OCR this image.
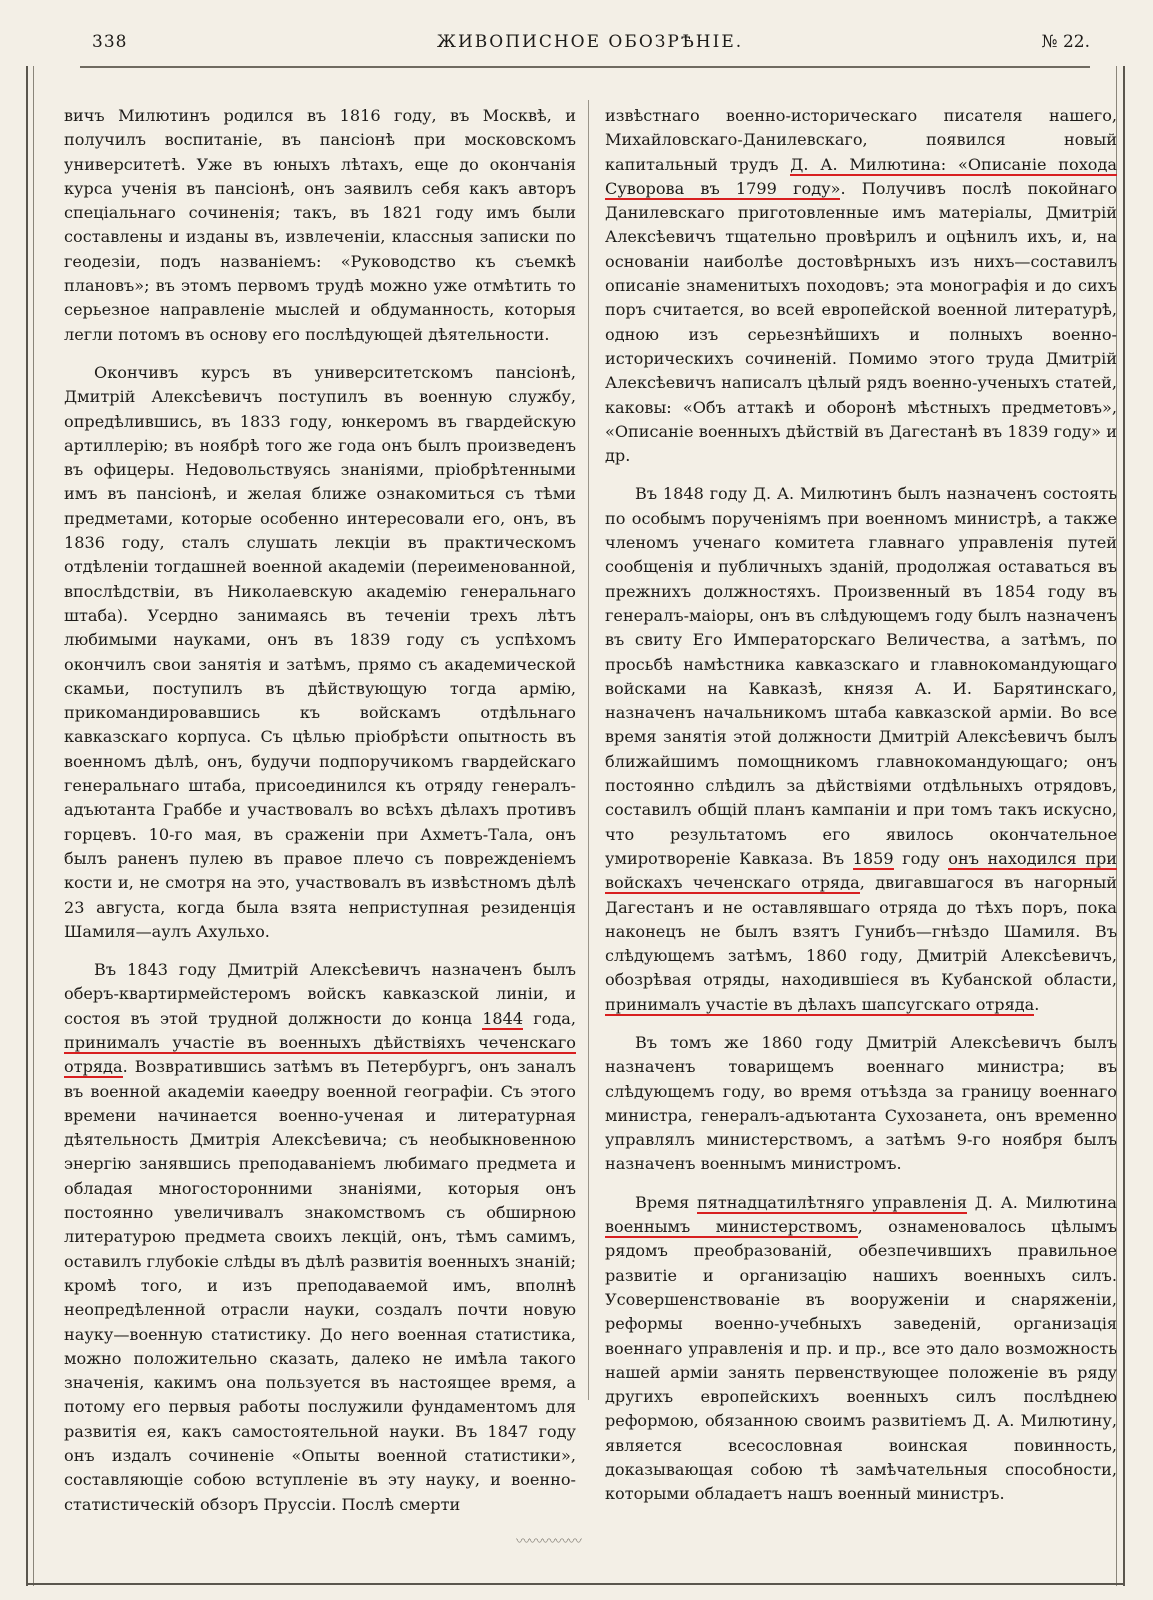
338	ЖИВОПИСНОЕ ОБОЗРѢНІЕ.	№ 22.

вичъ Милютинъ родился въ 1816 году, въ Москвѣ, и получилъ воспитаніе, въ пансіонѣ при московскомъ университетѣ. Уже въ юныхъ лѣтахъ, еще до окончанія курса ученія въ пансіонѣ, онъ заявилъ себя какъ авторъ спеціальнаго сочиненія; такъ, въ 1821 году имъ были составлены и изданы въ, извлеченіи, классныя записки по геодезіи, подъ названіемъ: «Руководство къ съемкѣ плановъ»; въ этомъ первомъ трудѣ можно уже отмѣтить то серьезное направленіе мыслей и обдуманность, которыя легли потомъ въ основу его послѣдующей дѣятельности.

Окончивъ курсъ въ университетскомъ пансіонѣ, Дмитрій Алексѣевичъ поступилъ въ военную службу, опредѣлившись, въ 1833 году, юнкеромъ въ гвардейскую артиллерію; въ ноябрѣ того же года онъ былъ произведенъ въ офицеры. Недовольствуясь знаніями, пріобрѣтенными имъ въ пансіонѣ, и желая ближе ознакомиться съ тѣми предметами, которые особенно интересовали его, онъ, въ 1836 году, сталъ слушать лекціи въ практическомъ отдѣленіи тогдашней военной академіи (переименованной, впослѣдствіи, въ Николаевскую академію генеральнаго штаба). Усердно занимаясь въ теченіи трехъ лѣтъ любимыми науками, онъ въ 1839 году съ успѣхомъ окончилъ свои занятія и затѣмъ, прямо съ академической скамьи, поступилъ въ дѣйствующую тогда армію, прикомандировавшись къ войскамъ отдѣльнаго кавказскаго корпуса. Съ цѣлью пріобрѣсти опытность въ военномъ дѣлѣ, онъ, будучи подпоручикомъ гвардейскаго генеральнаго штаба, присоединился къ отряду генералъ-адъютанта Граббе и участвовалъ во всѣхъ дѣлахъ противъ горцевъ. 10-го мая, въ сраженіи при Ахметъ-Тала, онъ былъ раненъ пулею въ правое плечо съ поврежденіемъ кости и, не смотря на это, участвовалъ въ извѣстномъ дѣлѣ 23 августа, когда была взята неприступная резиденція Шамиля—аулъ Ахульхо.

Въ 1843 году Дмитрій Алексѣевичъ назначенъ былъ оберъ-квартирмейстеромъ войскъ кавказской линіи, и состоя въ этой трудной должности до конца 1844 года, принималъ участіе въ военныхъ дѣйствіяхъ чеченскаго отряда. Возвратившись затѣмъ въ Петербургъ, онъ заналъ въ военной академіи каѳедру военной географіи. Съ этого времени начинается военно-ученая и литературная дѣятельность Дмитрія Алексѣевича; съ необыкновенною энергію занявшись преподаваніемъ любимаго предмета и обладая многосторонними знаніями, которыя онъ постоянно увеличивалъ знакомствомъ съ обширною литературою предмета своихъ лекцій, онъ, тѣмъ самимъ, оставилъ глубокіе слѣды въ дѣлѣ развитія военныхъ знаній; кромѣ того, и изъ преподаваемой имъ, вполнѣ неопредѣленной отрасли науки, создалъ почти новую науку—военную статистику. До него военная статистика, можно положительно сказать, далеко не имѣла такого значенія, какимъ она пользуется въ настоящее время, а потому его первыя работы послужили фундаментомъ для развитія ея, какъ самостоятельной науки. Въ 1847 году онъ издалъ сочиненіе «Опыты военной статистики», составляющіе собою вступленіе въ эту науку, и военно-статистическій обзоръ Пруссіи. Послѣ смерти

извѣстнаго военно-историческаго писателя нашего, Михайловскаго-Данилевскаго, появился новый капитальный трудъ Д. А. Милютина: «Описаніе похода Суворова въ 1799 году». Получивъ послѣ покойнаго Данилевскаго приготовленные имъ матеріалы, Дмитрій Алексѣевичъ тщательно провѣрилъ и оцѣнилъ ихъ, и, на основаніи наиболѣе достовѣрныхъ изъ нихъ—составилъ описаніе знаменитыхъ походовъ; эта монографія и до сихъ поръ считается, во всей европейской военной литературѣ, одною изъ серьезнѣйшихъ и полныхъ военно-историческихъ сочиненій. Помимо этого труда Дмитрій Алексѣевичъ написалъ цѣлый рядъ военно-ученыхъ статей, каковы: «Объ аттакѣ и оборонѣ мѣстныхъ предметовъ», «Описаніе военныхъ дѣйствій въ Дагестанѣ въ 1839 году» и др.

Въ 1848 году Д. А. Милютинъ былъ назначенъ состоять по особымъ порученіямъ при военномъ министрѣ, а также членомъ ученаго комитета главнаго управленія путей сообщенія и публичныхъ зданій, продолжая оставаться въ прежнихъ должностяхъ. Произвенный въ 1854 году въ генералъ-маіоры, онъ въ слѣдующемъ году былъ назначенъ въ свиту Его Императорскаго Величества, а затѣмъ, по просьбѣ намѣстника кавказскаго и главнокомандующаго войсками на Кавказѣ, князя А. И. Барятинскаго, назначенъ начальникомъ штаба кавказской арміи. Во все время занятія этой должности Дмитрій Алексѣевичъ былъ ближайшимъ помощникомъ главнокомандующаго; онъ постоянно слѣдилъ за дѣйствіями отдѣльныхъ отрядовъ, составилъ общій планъ кампаніи и при томъ такъ искусно, что результатомъ его явилось окончательное умиротвореніе Кавказа. Въ 1859 году онъ находился при войскахъ чеченскаго отряда, двигавшагося въ нагорный Дагестанъ и не оставлявшаго отряда до тѣхъ поръ, пока наконецъ не былъ взятъ Гунибъ—гнѣздо Шамиля. Въ слѣдующемъ затѣмъ, 1860 году, Дмитрій Алексѣевичъ, обозрѣвая отряды, находившіеся въ Кубанской области, принималъ участіе въ дѣлахъ шапсугскаго отряда.

Въ томъ же 1860 году Дмитрій Алексѣевичъ былъ назначенъ товарищемъ военнаго министра; въ слѣдующемъ году, во время отъѣзда за границу военнаго министра, генералъ-адъютанта Сухозанета, онъ временно управлялъ министерствомъ, а затѣмъ 9-го ноября былъ назначенъ военнымъ министромъ.

Время пятнадцатилѣтняго управленія Д. А. Милютина военнымъ министерствомъ, ознаменовалось цѣлымъ рядомъ преобразованій, обезпечившихъ правильное развитіе и организацію нашихъ военныхъ силъ. Усовершенствованіе въ вооруженіи и снаряженіи, реформы военно-учебныхъ заведеній, организація военнаго управленія и пр. и пр., все это дало возможность нашей арміи занять первенствующее положеніе въ ряду другихъ европейскихъ военныхъ силъ послѣднею реформою, обязанною своимъ развитіемъ Д. А. Милютину, является всесословная воинская повинность, доказывающая собою тѣ замѣчательныя способности, которыми обладаетъ нашъ военный министръ.

〰〰〰〰〰
